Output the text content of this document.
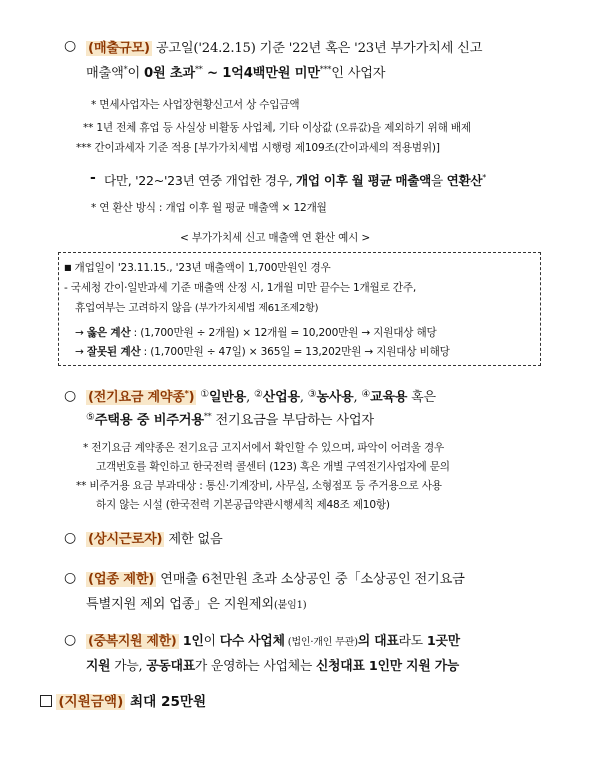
○ (매출규모) 공고일('24.2.15) 기준 '22년 혹은 '23년 부가가치세 신고
매출액*이 0원 초과** ~ 1억4백만원 미만***인 사업자
* 면세사업자는 사업장현황신고서 상 수입금액
** 1년 전체 휴업 등 사실상 비활동 사업체, 기타 이상값 (오류값)을 제외하기 위해 배제
*** 간이과세자 기준 적용 [부가가치세법 시행령 제109조(간이과세의 적용범위)]
- 다만, '22~'23년 연중 개업한 경우, 개업 이후 월 평균 매출액을 연환산*
* 연 환산 방식 : 개업 이후 월 평균 매출액 × 12개월
< 부가가치세 신고 매출액 연 환산 예시 >
■ 개업일이 '23.11.15., '23년 매출액이 1,700만원인 경우
- 국세청 간이·일반과세 기준 매출액 산정 시, 1개월 미만 끝수는 1개월로 간주,
휴업여부는 고려하지 않음 (부가가치세법 제61조제2항)
→ 옳은 계산 : (1,700만원 ÷ 2개월) × 12개월 = 10,200만원 → 지원대상 해당
→ 잘못된 계산 : (1,700만원 ÷ 47일) × 365일 = 13,202만원 → 지원대상 비해당
○ (전기요금 계약종*) ①일반용, ②산업용, ③농사용, ④교육용 혹은
⑤주택용 중 비주거용** 전기요금을 부담하는 사업자
* 전기요금 계약종은 전기요금 고지서에서 확인할 수 있으며, 파악이 어려울 경우
고객번호를 확인하고 한국전력 콜센터 (123) 혹은 개별 구역전기사업자에 문의
** 비주거용 요금 부과대상 : 통신·기계장비, 사무실, 소형점포 등 주거용으로 사용
하지 않는 시설 (한국전력 기본공급약관시행세칙 제48조 제10항)
○ (상시근로자) 제한 없음
○ (업종 제한) 연매출 6천만원 초과 소상공인 중「소상공인 전기요금
특별지원 제외 업종」은 지원제외(붙임1)
○ (중복지원 제한) 1인이 다수 사업체 (법인·개인 무관)의 대표라도 1곳만
지원 가능, 공동대표가 운영하는 사업체는 신청대표 1인만 지원 가능
(지원금액) 최대 25만원
